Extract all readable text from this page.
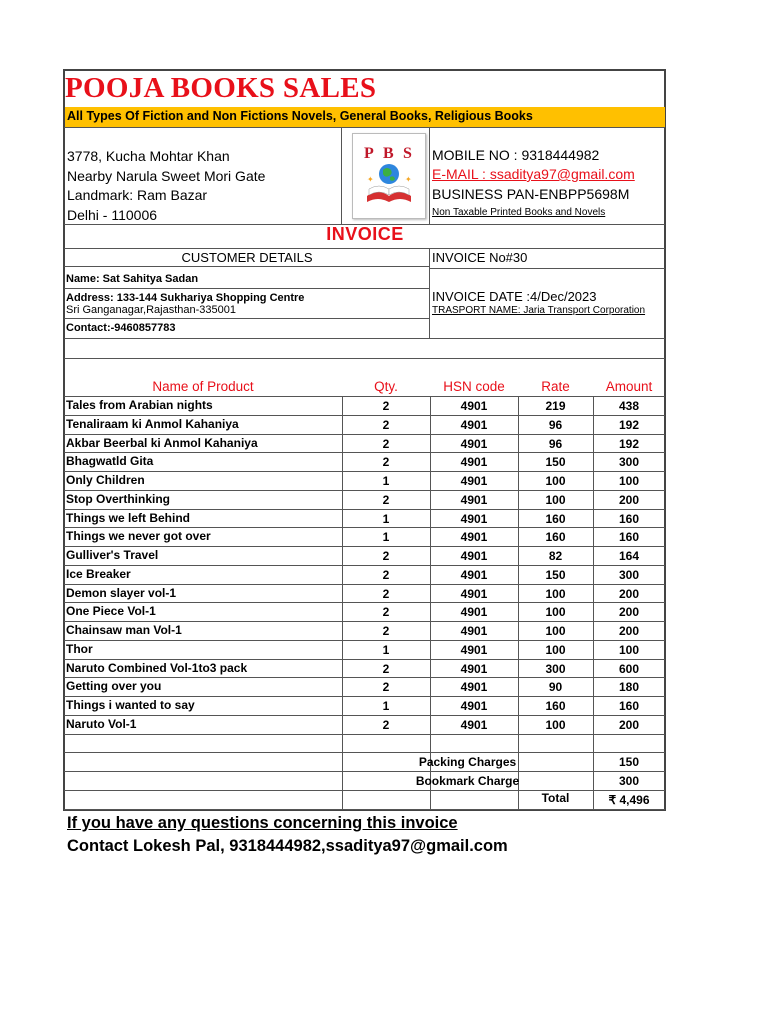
POOJA BOOKS SALES
All Types Of Fiction and Non Fictions Novels, General Books, Religious Books
3778, Kucha Mohtar Khan
Nearby Narula Sweet Mori Gate
Landmark: Ram Bazar
Delhi - 110006
P B S
✦	✦
MOBILE NO : 9318444982
E-MAIL : ssaditya97@gmail.com
BUSINESS PAN-ENBPP5698M
Non Taxable Printed Books and Novels
INVOICE
CUSTOMER DETAILS
Name: Sat Sahitya Sadan
Address: 133-144 Sukhariya Shopping Centre
Sri Ganganagar,Rajasthan-335001
Contact:-9460857783
INVOICE No#30
INVOICE DATE :4/Dec/2023
TRASPORT NAME: Jaria Transport Corporation
Name of Product	Qty.	HSN code	Rate	Amount
Tales from Arabian nights	2	4901	219	438
Tenaliraam ki Anmol Kahaniya	2	4901	96	192
Akbar Beerbal ki Anmol Kahaniya	2	4901	96	192
Bhagwatld Gita	2	4901	150	300
Only Children	1	4901	100	100
Stop Overthinking	2	4901	100	200
Things we left Behind	1	4901	160	160
Things we never got over	1	4901	160	160
Gulliver's Travel	2	4901	82	164
Ice Breaker	2	4901	150	300
Demon slayer vol-1	2	4901	100	200
One Piece Vol-1	2	4901	100	200
Chainsaw man Vol-1	2	4901	100	200
Thor	1	4901	100	100
Naruto Combined Vol-1to3 pack	2	4901	300	600
Getting over you	2	4901	90	180
Things i wanted to say	1	4901	160	160
Naruto Vol-1	2	4901	100	200
Packing Charges	150
Bookmark Charge	300
Total	₹ 4,496
If you have any questions concerning this invoice
Contact Lokesh Pal, 9318444982,ssaditya97@gmail.com
